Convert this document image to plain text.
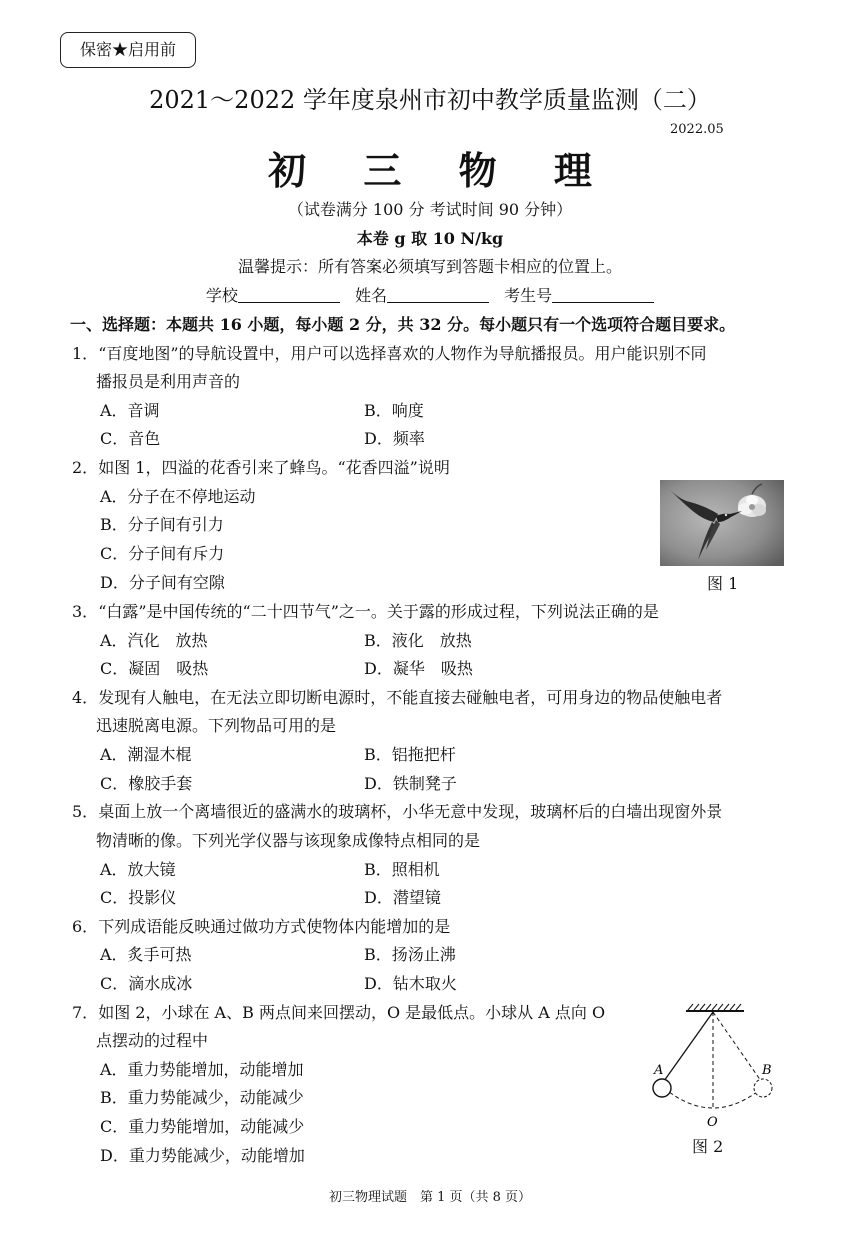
保密★启用前
2021～2022 学年度泉州市初中教学质量监测（二）
2022.05
初 三 物 理
（试卷满分 100 分 考试时间 90 分钟）
本卷 g 取 10 N/kg
温馨提示：所有答案必须填写到答题卡相应的位置上。
学校	姓名	考生号
一、选择题：本题共 16 小题，每小题 2 分，共 32 分。每小题只有一个选项符合题目要求。
1．“百度地图”的导航设置中，用户可以选择喜欢的人物作为导航播报员。用户能识别不同
播报员是利用声音的
A．音调	B．响度
C．音色	D．频率
2．如图 1，四溢的花香引来了蜂鸟。“花香四溢”说明
A．分子在不停地运动
B．分子间有引力
C．分子间有斥力
D．分子间有空隙	图 1
3．“白露”是中国传统的“二十四节气”之一。关于露的形成过程，下列说法正确的是
A．汽化　放热	B．液化　放热
C．凝固　吸热	D．凝华　吸热
4．发现有人触电，在无法立即切断电源时，不能直接去碰触电者，可用身边的物品使触电者
迅速脱离电源。下列物品可用的是
A．潮湿木棍	B．铝拖把杆
C．橡胶手套	D．铁制凳子
5．桌面上放一个离墙很近的盛满水的玻璃杯，小华无意中发现，玻璃杯后的白墙出现窗外景
物清晰的像。下列光学仪器与该现象成像特点相同的是
A．放大镜	B．照相机
C．投影仪	D．潜望镜
6．下列成语能反映通过做功方式使物体内能增加的是
A．炙手可热	B．扬汤止沸
C．滴水成冰	D．钻木取火
7．如图 2，小球在 A、B 两点间来回摆动，O 是最低点。小球从 A 点向 O
点摆动的过程中
A．重力势能增加，动能增加
B．重力势能减少，动能减少
C．重力势能增加，动能减少
D．重力势能减少，动能增加
A	B
O
图 2
初三物理试题　第 1 页（共 8 页）
